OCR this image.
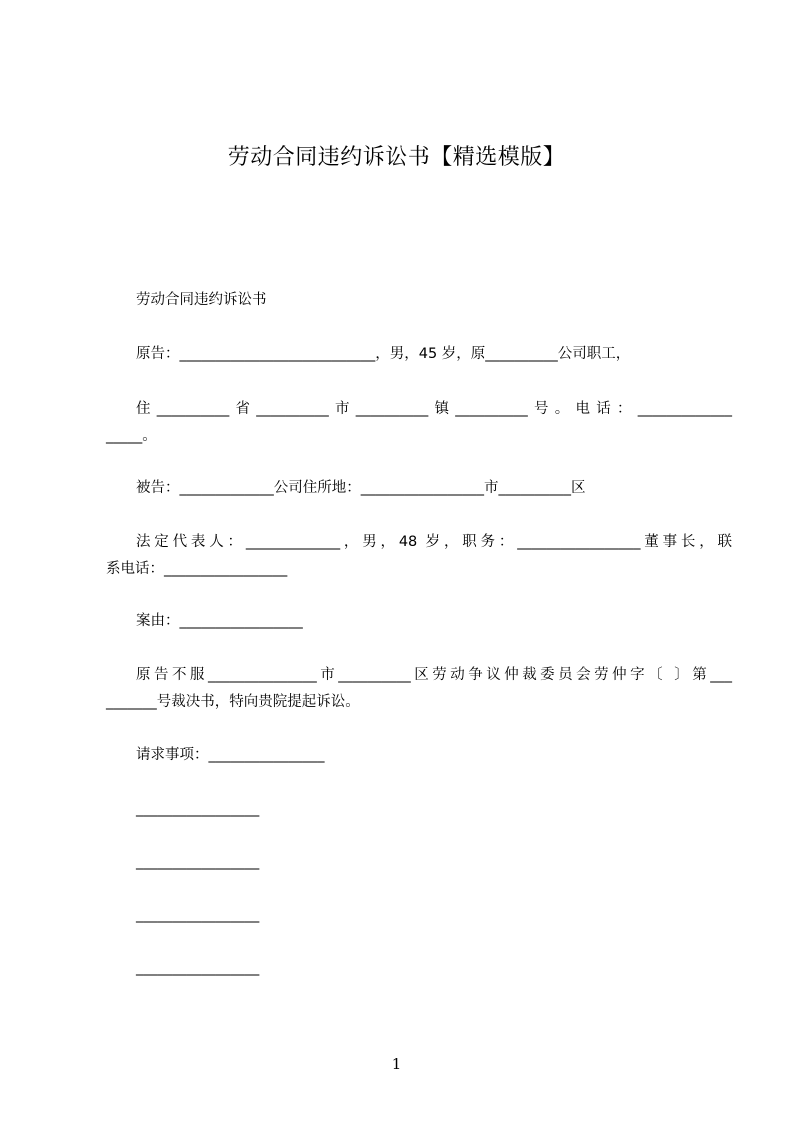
劳动合同违约诉讼书【精选模版】
劳动合同违约诉讼书
原告：___________________________，男，45 岁，原__________公司职工，
住__________省__________市__________镇__________号。电话：_____________
_____。
被告：_____________公司住所地：_________________市__________区
法定代表人：_____________，男，48 岁，职务：_________________董事长，联
系电话：_________________
案由：_________________
原告不服_______________市__________区劳动争议仲裁委员会劳仲字〔 〕第___
_______号裁决书，特向贵院提起诉讼。
请求事项：________________
_________________
_________________
_________________
_________________
1
